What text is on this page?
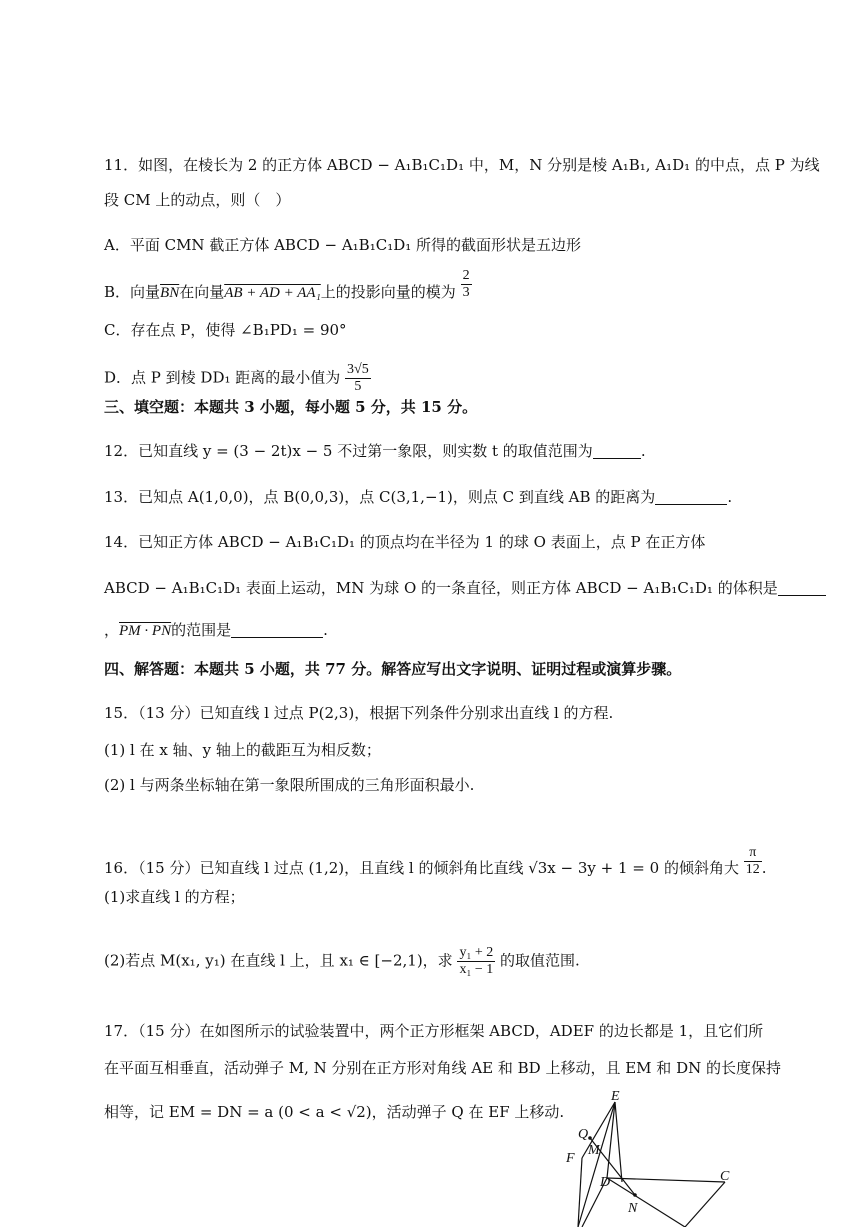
11．如图，在棱长为 2 的正方体 ABCD − A₁B₁C₁D₁ 中，M，N 分别是棱 A₁B₁, A₁D₁ 的中点，点 P 为线
段 CM 上的动点，则（　）
A．平面 CMN 截正方体 ABCD − A₁B₁C₁D₁ 所得的截面形状是五边形
B．向量$\overline{BN}$在向量AB + AD + AA₁上的投影向量的模为 $\frac{2}{3}$
C．存在点 P，使得 ∠B₁PD₁ = 90°
D．点 P 到棱 DD₁ 距离的最小值为 $\frac{3√5}{5}$
三、填空题：本题共 3 小题，每小题 5 分，共 15 分。
12．已知直线 y = (3 − 2t)x − 5 不过第一象限，则实数 t 的取值范围为	.
13．已知点 A(1,0,0)，点 B(0,0,3)，点 C(3,1,−1)，则点 C 到直线 AB 的距离为	.
14．已知正方体 ABCD − A₁B₁C₁D₁ 的顶点均在半径为 1 的球 O 表面上，点 P 在正方体
ABCD − A₁B₁C₁D₁ 表面上运动，MN 为球 O 的一条直径，则正方体 ABCD − A₁B₁C₁D₁ 的体积是
，PM · PN的范围是	.
四、解答题：本题共 5 小题，共 77 分。解答应写出文字说明、证明过程或演算步骤。
15．（13 分）已知直线 l 过点 P(2,3)，根据下列条件分别求出直线 l 的方程.
(1) l 在 x 轴、y 轴上的截距互为相反数；
(2) l 与两条坐标轴在第一象限所围成的三角形面积最小.
16．（15 分）已知直线 l 过点 (1,2)，且直线 l 的倾斜角比直线 √3x − 3y + 1 = 0 的倾斜角大 $\frac{\pi}{12}$ .
(1)求直线 l 的方程；
(2)若点 M(x₁, y₁) 在直线 l 上，且 x₁ ∈ [−2,1)，求 $\frac{\text{y₁ + 2}}{\text{x₁ − 1}}$ 的取值范围.
17．（15 分）在如图所示的试验装置中，两个正方形框架 ABCD，ADEF 的边长都是 1，且它们所
在平面互相垂直，活动弹子 M, N 分别在正方形对角线 AE 和 BD 上移动，且 EM 和 DN 的长度保持
相等，记 EM = DN = a (0 < a < √2)，活动弹子 Q 在 EF 上移动.
E
Q
M
F
D	C
N
